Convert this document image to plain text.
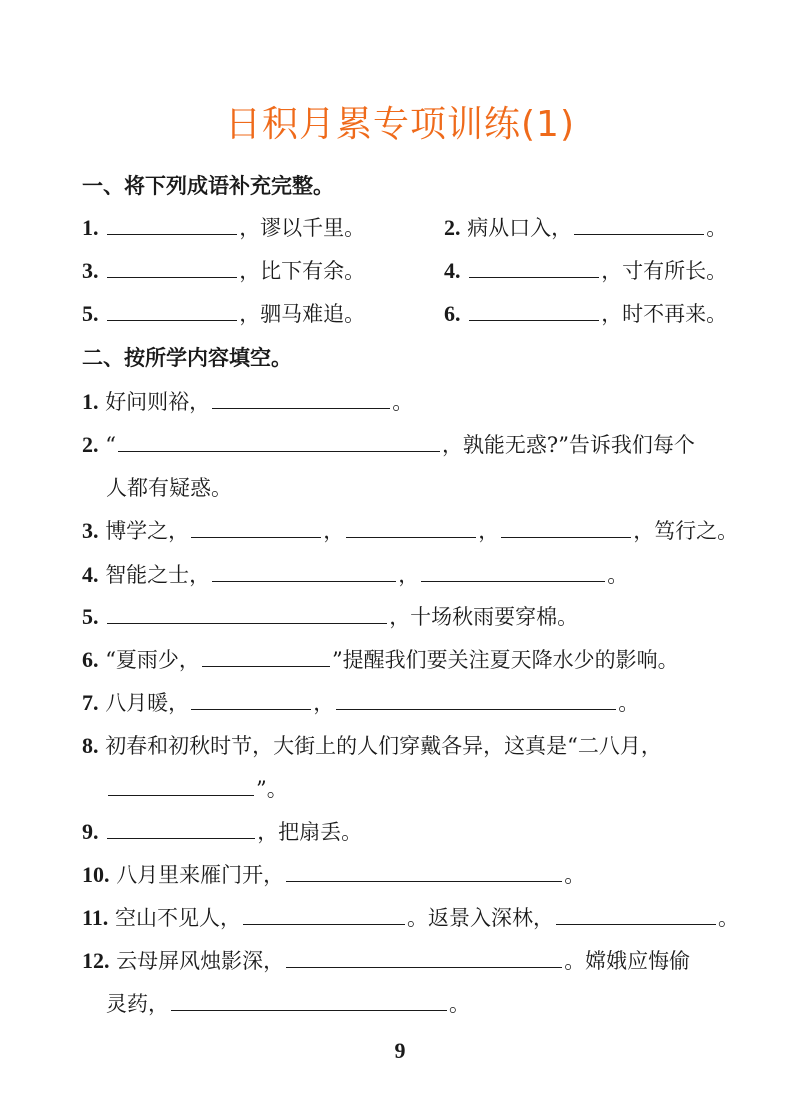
日积月累专项训练(1)
一、将下列成语补充完整。
1.	，谬以千里。	2. 病从口入，	。
3.	，比下有余。	4.	，寸有所长。
5.	，驷马难追。	6.	，时不再来。
二、按所学内容填空。
1. 好问则裕，	。
2. “	，孰能无惑?”告诉我们每个
人都有疑惑。
3. 博学之，	，	，	，笃行之。
4. 智能之士，	，	。
5.	，十场秋雨要穿棉。
6. “夏雨少，	”提醒我们要关注夏天降水少的影响。
7. 八月暖，	，	。
8. 初春和初秋时节，大街上的人们穿戴各异，这真是“二八月，
”。
9.	，把扇丢。
10. 八月里来雁门开，	。
11. 空山不见人，	。返景入深林，	。
12. 云母屏风烛影深，	。嫦娥应悔偷
灵药，	。
9
